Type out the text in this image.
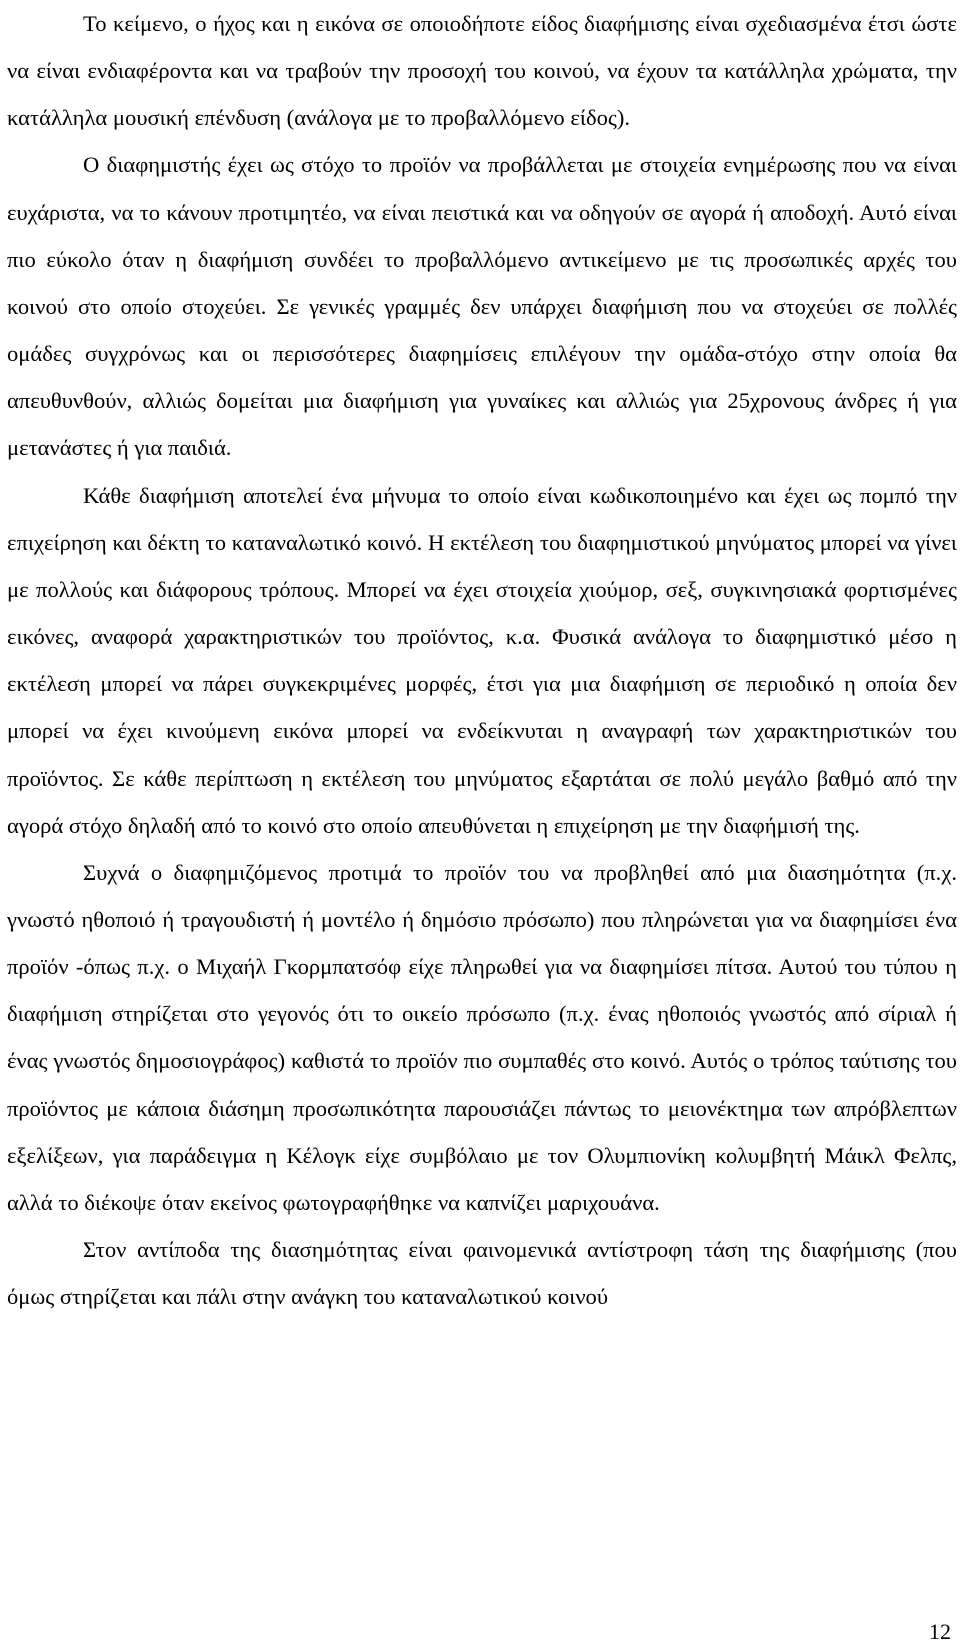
Το κείμενο, ο ήχος και η εικόνα σε οποιοδήποτε είδος διαφήμισης είναι σχεδιασμένα έτσι ώστε να είναι ενδιαφέροντα και να τραβούν την προσοχή του κοινού, να έχουν τα κατάλληλα χρώματα, την κατάλληλα μουσική επένδυση (ανάλογα με το προβαλλόμενο είδος).

Ο διαφημιστής έχει ως στόχο το προϊόν να προβάλλεται με στοιχεία ενημέρωσης που να είναι ευχάριστα, να το κάνουν προτιμητέο, να είναι πειστικά και να οδηγούν σε αγορά ή αποδοχή. Αυτό είναι πιο εύκολο όταν η διαφήμιση συνδέει το προβαλλόμενο αντικείμενο με τις προσωπικές αρχές του κοινού στο οποίο στοχεύει. Σε γενικές γραμμές δεν υπάρχει διαφήμιση που να στοχεύει σε πολλές ομάδες συγχρόνως και οι περισσότερες διαφημίσεις επιλέγουν την ομάδα-στόχο στην οποία θα απευθυνθούν, αλλιώς δομείται μια διαφήμιση για γυναίκες και αλλιώς για 25χρονους άνδρες ή για μετανάστες ή για παιδιά.

Κάθε διαφήμιση αποτελεί ένα μήνυμα το οποίο είναι κωδικοποιημένο και έχει ως πομπό την επιχείρηση και δέκτη το καταναλωτικό κοινό. Η εκτέλεση του διαφημιστικού μηνύματος μπορεί να γίνει με πολλούς και διάφορους τρόπους. Μπορεί να έχει στοιχεία χιούμορ, σεξ, συγκινησιακά φορτισμένες εικόνες, αναφορά χαρακτηριστικών του προϊόντος, κ.α. Φυσικά ανάλογα το διαφημιστικό μέσο η εκτέλεση μπορεί να πάρει συγκεκριμένες μορφές, έτσι για μια διαφήμιση σε περιοδικό η οποία δεν μπορεί να έχει κινούμενη εικόνα μπορεί να ενδείκνυται η αναγραφή των χαρακτηριστικών του προϊόντος. Σε κάθε περίπτωση η εκτέλεση του μηνύματος εξαρτάται σε πολύ μεγάλο βαθμό από την αγορά στόχο δηλαδή από το κοινό στο οποίο απευθύνεται η επιχείρηση με την διαφήμισή της.

Συχνά ο διαφημιζόμενος προτιμά το προϊόν του να προβληθεί από μια διασημότητα (π.χ. γνωστό ηθοποιό ή τραγουδιστή ή μοντέλο ή δημόσιο πρόσωπο) που πληρώνεται για να διαφημίσει ένα προϊόν -όπως π.χ. ο Μιχαήλ Γκορμπατσόφ είχε πληρωθεί για να διαφημίσει πίτσα. Αυτού του τύπου η διαφήμιση στηρίζεται στο γεγονός ότι το οικείο πρόσωπο (π.χ. ένας ηθοποιός γνωστός από σίριαλ ή ένας γνωστός δημοσιογράφος) καθιστά το προϊόν πιο συμπαθές στο κοινό. Αυτός ο τρόπος ταύτισης του προϊόντος με κάποια διάσημη προσωπικότητα παρουσιάζει πάντως το μειονέκτημα των απρόβλεπτων εξελίξεων, για παράδειγμα η Κέλογκ είχε συμβόλαιο με τον Ολυμπιονίκη κολυμβητή Μάικλ Φελπς, αλλά το διέκοψε όταν εκείνος φωτογραφήθηκε να καπνίζει μαριχουάνα.

Στον αντίποδα της διασημότητας είναι φαινομενικά αντίστροφη τάση της διαφήμισης (που όμως στηρίζεται και πάλι στην ανάγκη του καταναλωτικού κοινού

12
